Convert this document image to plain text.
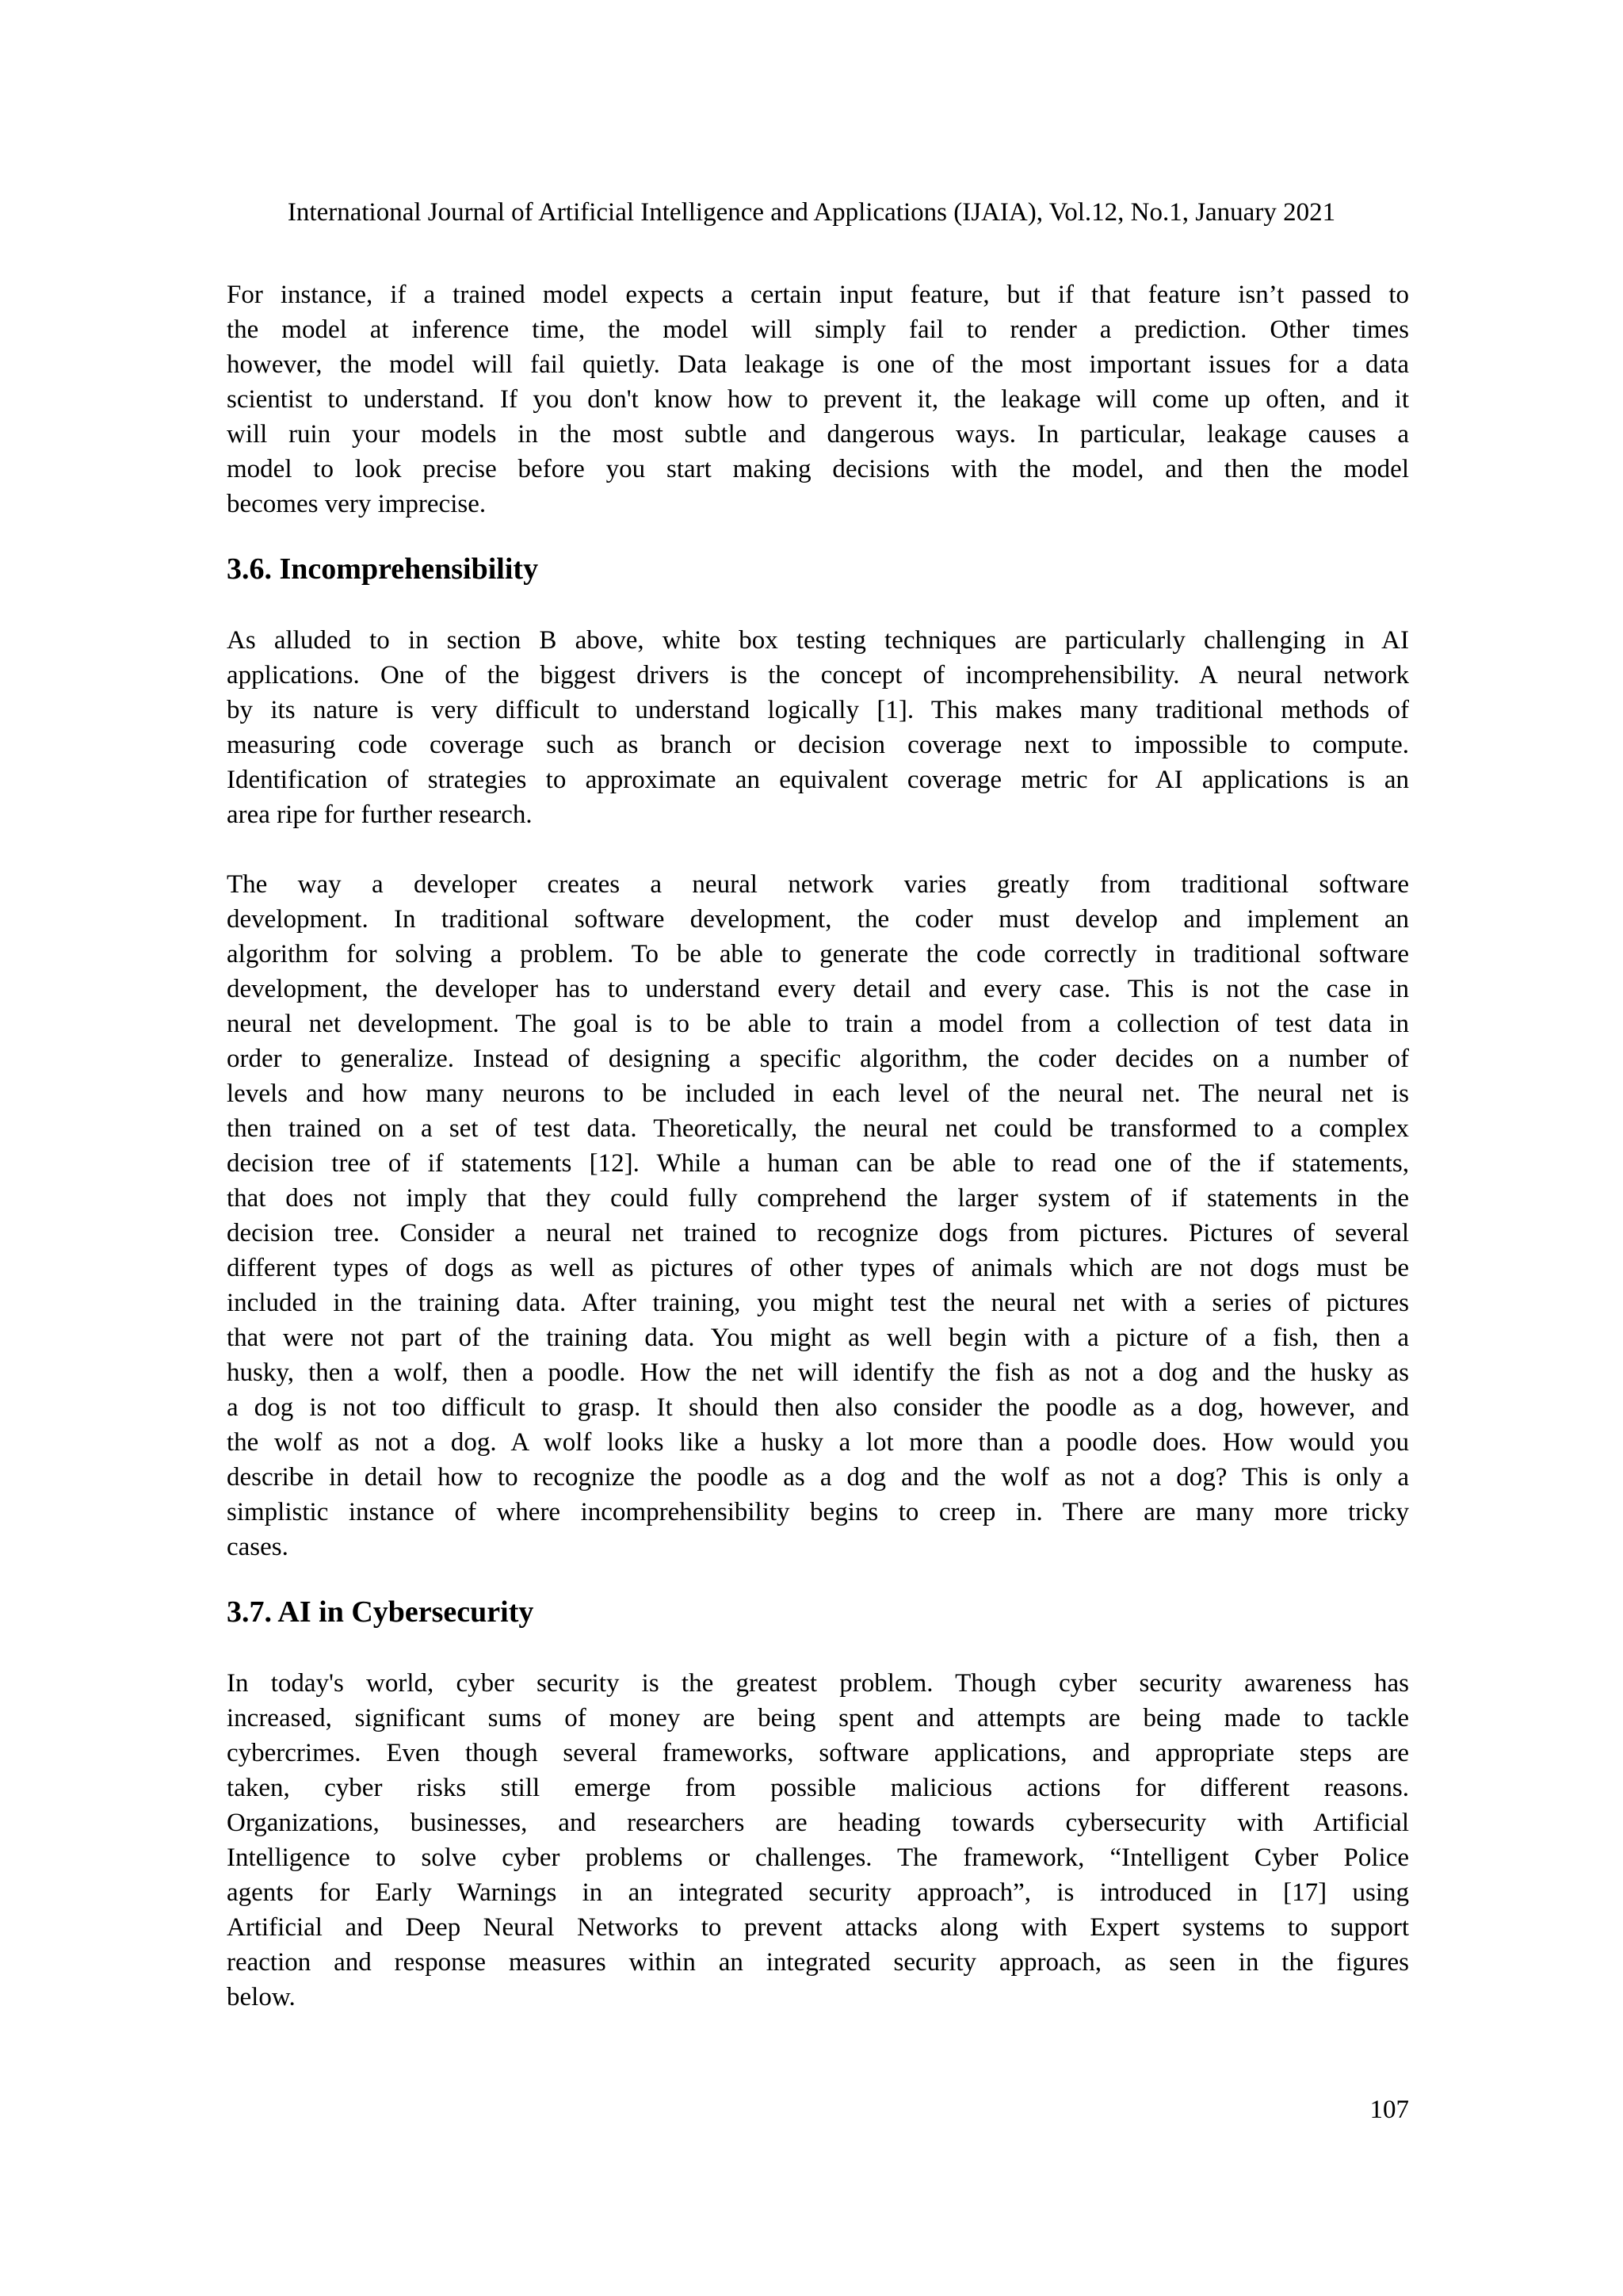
International Journal of Artificial Intelligence and Applications (IJAIA), Vol.12, No.1, January 2021
For instance, if a trained model expects a certain input feature, but if that feature isn’t passed to
the model at inference time, the model will simply fail to render a prediction. Other times
however, the model will fail quietly. Data leakage is one of the most important issues for a data
scientist to understand. If you don't know how to prevent it, the leakage will come up often, and it
will ruin your models in the most subtle and dangerous ways. In particular, leakage causes a
model to look precise before you start making decisions with the model, and then the model
becomes very imprecise.
3.6. Incomprehensibility
As alluded to in section B above, white box testing techniques are particularly challenging in AI
applications. One of the biggest drivers is the concept of incomprehensibility. A neural network
by its nature is very difficult to understand logically [1]. This makes many traditional methods of
measuring code coverage such as branch or decision coverage next to impossible to compute.
Identification of strategies to approximate an equivalent coverage metric for AI applications is an
area ripe for further research.
The way a developer creates a neural network varies greatly from traditional software
development. In traditional software development, the coder must develop and implement an
algorithm for solving a problem. To be able to generate the code correctly in traditional software
development, the developer has to understand every detail and every case. This is not the case in
neural net development. The goal is to be able to train a model from a collection of test data in
order to generalize. Instead of designing a specific algorithm, the coder decides on a number of
levels and how many neurons to be included in each level of the neural net. The neural net is
then trained on a set of test data. Theoretically, the neural net could be transformed to a complex
decision tree of if statements [12]. While a human can be able to read one of the if statements,
that does not imply that they could fully comprehend the larger system of if statements in the
decision tree. Consider a neural net trained to recognize dogs from pictures. Pictures of several
different types of dogs as well as pictures of other types of animals which are not dogs must be
included in the training data. After training, you might test the neural net with a series of pictures
that were not part of the training data. You might as well begin with a picture of a fish, then a
husky, then a wolf, then a poodle. How the net will identify the fish as not a dog and the husky as
a dog is not too difficult to grasp. It should then also consider the poodle as a dog, however, and
the wolf as not a dog. A wolf looks like a husky a lot more than a poodle does. How would you
describe in detail how to recognize the poodle as a dog and the wolf as not a dog? This is only a
simplistic instance of where incomprehensibility begins to creep in. There are many more tricky
cases.
3.7. AI in Cybersecurity
In today's world, cyber security is the greatest problem. Though cyber security awareness has
increased, significant sums of money are being spent and attempts are being made to tackle
cybercrimes. Even though several frameworks, software applications, and appropriate steps are
taken, cyber risks still emerge from possible malicious actions for different reasons.
Organizations, businesses, and researchers are heading towards cybersecurity with Artificial
Intelligence to solve cyber problems or challenges. The framework, “Intelligent Cyber Police
agents for Early Warnings in an integrated security approach”, is introduced in [17] using
Artificial and Deep Neural Networks to prevent attacks along with Expert systems to support
reaction and response measures within an integrated security approach, as seen in the figures
below.
107
